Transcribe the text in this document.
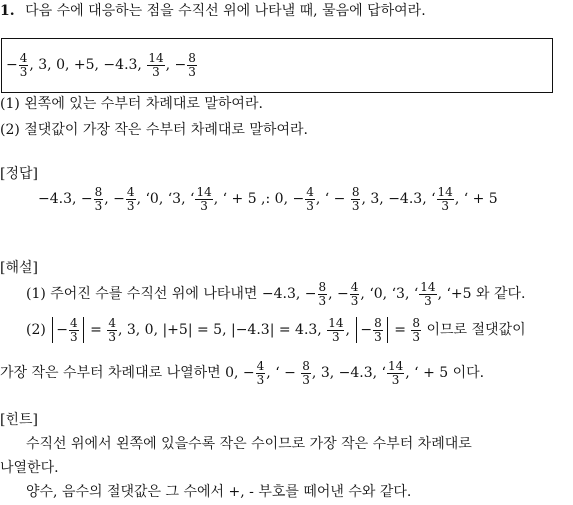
1. 다음 수에 대응하는 점을 수직선 위에 나타낼 때, 물음에 답하여라.
− $\frac{4}{3}$ , 3, 0, +5, −4.3, $\frac{14}{3}$ , − $\frac{8}{3}$
(1) 왼쪽에 있는 수부터 차례대로 말하여라.
(2) 절댓값이 가장 작은 수부터 차례대로 말하여라.
[정답]
−4.3, − $\frac{8}{3}$ , − $\frac{4}{3}$ , ‘0, ‘3, ‘ $\frac{14}{3}$ , ‘ + 5 ,: 0, − $\frac{4}{3}$ , ‘ − $\frac{8}{3}$ , 3, −4.3, ‘ $\frac{14}{3}$ , ‘ + 5
[해설]
(1) 주어진 수를 수직선 위에 나타내면 −4.3, − $\frac{8}{3}$ , − $\frac{4}{3}$ , ‘0, ‘3, ‘ $\frac{14}{3}$ , ‘+5 와 같다.
$(2) - \frac{4}{3} = \frac{4}{3}$ , 3, 0, |+5| = 5, |−4.3| = 4.3, $\frac{14}{3}$ , − $\frac{8}{3} = \frac{8}{3}$ 이므로 절댓값이
가장 작은 수부터 차례대로 나열하면 0, − $\frac{4}{3}$ , ‘ − $\frac{8}{3}$ , 3, −4.3, ‘ $\frac{14}{3}$ , ‘ + 5 이다.
[힌트]
수직선 위에서 왼쪽에 있을수록 작은 수이므로 가장 작은 수부터 차례대로
나열한다.
양수, 음수의 절댓값은 그 수에서 +, - 부호를 떼어낸 수와 같다.
